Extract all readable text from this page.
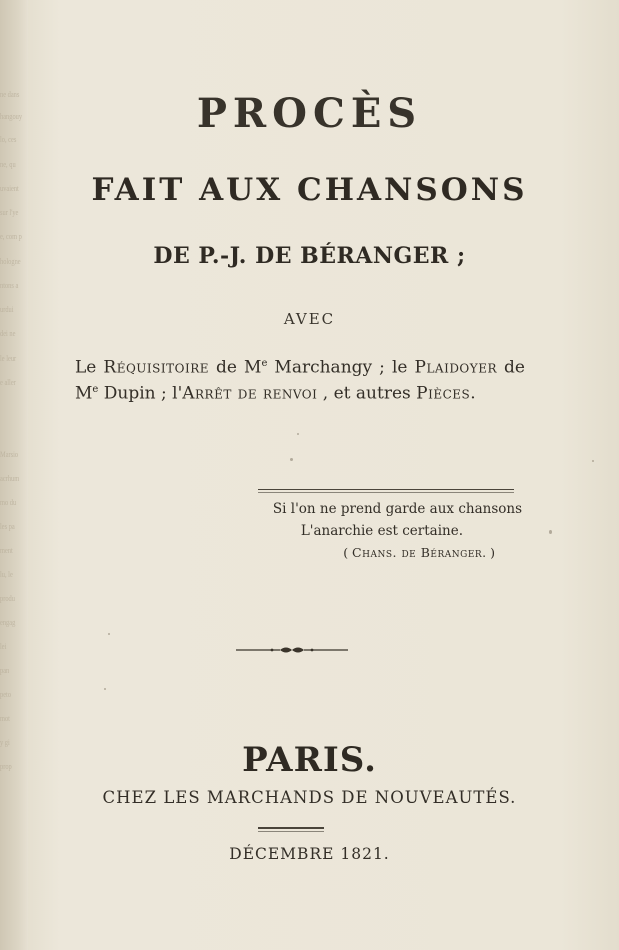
ne dans
hangouy
lo, ces
ne, qu
uvaient
sur l'ye
e, com p
hologne
ntons a
urdui
dei ne
le leur
e aller
Marsio
acrhum
mo du
les pa
ment
lu, le
produ
engag
lei
pan
peto
mot
y gi
prop
PROCÈS
FAIT AUX CHANSONS
DE P.-J. DE BÉRANGER ;
AVEC
Le Réquisitoire de Me Marchangy ; le Plaidoyer de Me Dupin ; l'Arrêt de renvoi , et autres Pièces.
Si l'on ne prend garde aux chansons
L'anarchie est certaine.
( Chans. de Béranger. )
PARIS.
CHEZ LES MARCHANDS DE NOUVEAUTÉS.
DÉCEMBRE 1821.
